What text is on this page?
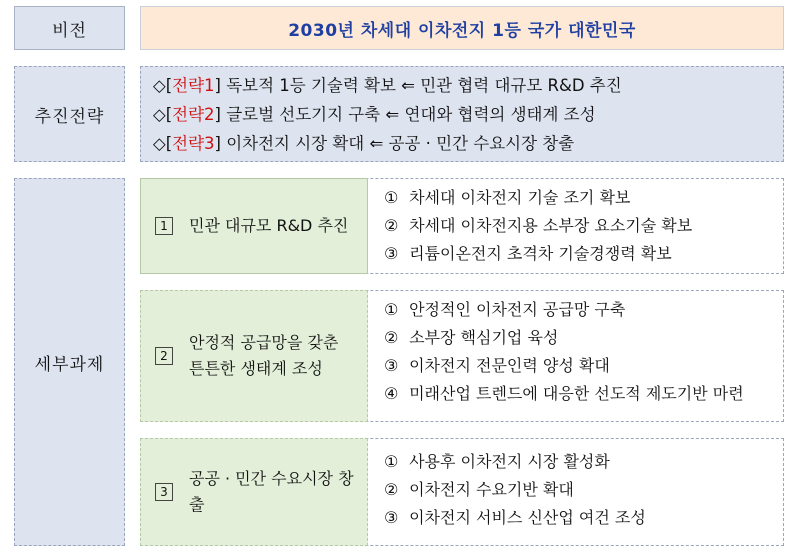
비전	2030년 차세대 이차전지 1등 국가 대한민국
추진전략
◇[전략1] 독보적 1등 기술력 확보 ⇐ 민관 협력 대규모 R&D 추진
◇[전략2] 글로벌 선도기지 구축 ⇐ 연대와 협력의 생태계 조성
◇[전략3] 이차전지 시장 확대 ⇐ 공공 · 민간 수요시장 창출
세부과제
1	민관 대규모 R&D 추진
① 차세대 이차전지 기술 조기 확보
② 차세대 이차전지용 소부장 요소기술 확보
③ 리튬이온전지 초격차 기술경쟁력 확보
2
안정적 공급망을 갖춘
튼튼한 생태계 조성
① 안정적인 이차전지 공급망 구축
② 소부장 핵심기업 육성
③ 이차전지 전문인력 양성 확대
④ 미래산업 트렌드에 대응한 선도적 제도기반 마련
3
공공 · 민간 수요시장 창출
① 사용후 이차전지 시장 활성화
② 이차전지 수요기반 확대
③ 이차전지 서비스 신산업 여건 조성
